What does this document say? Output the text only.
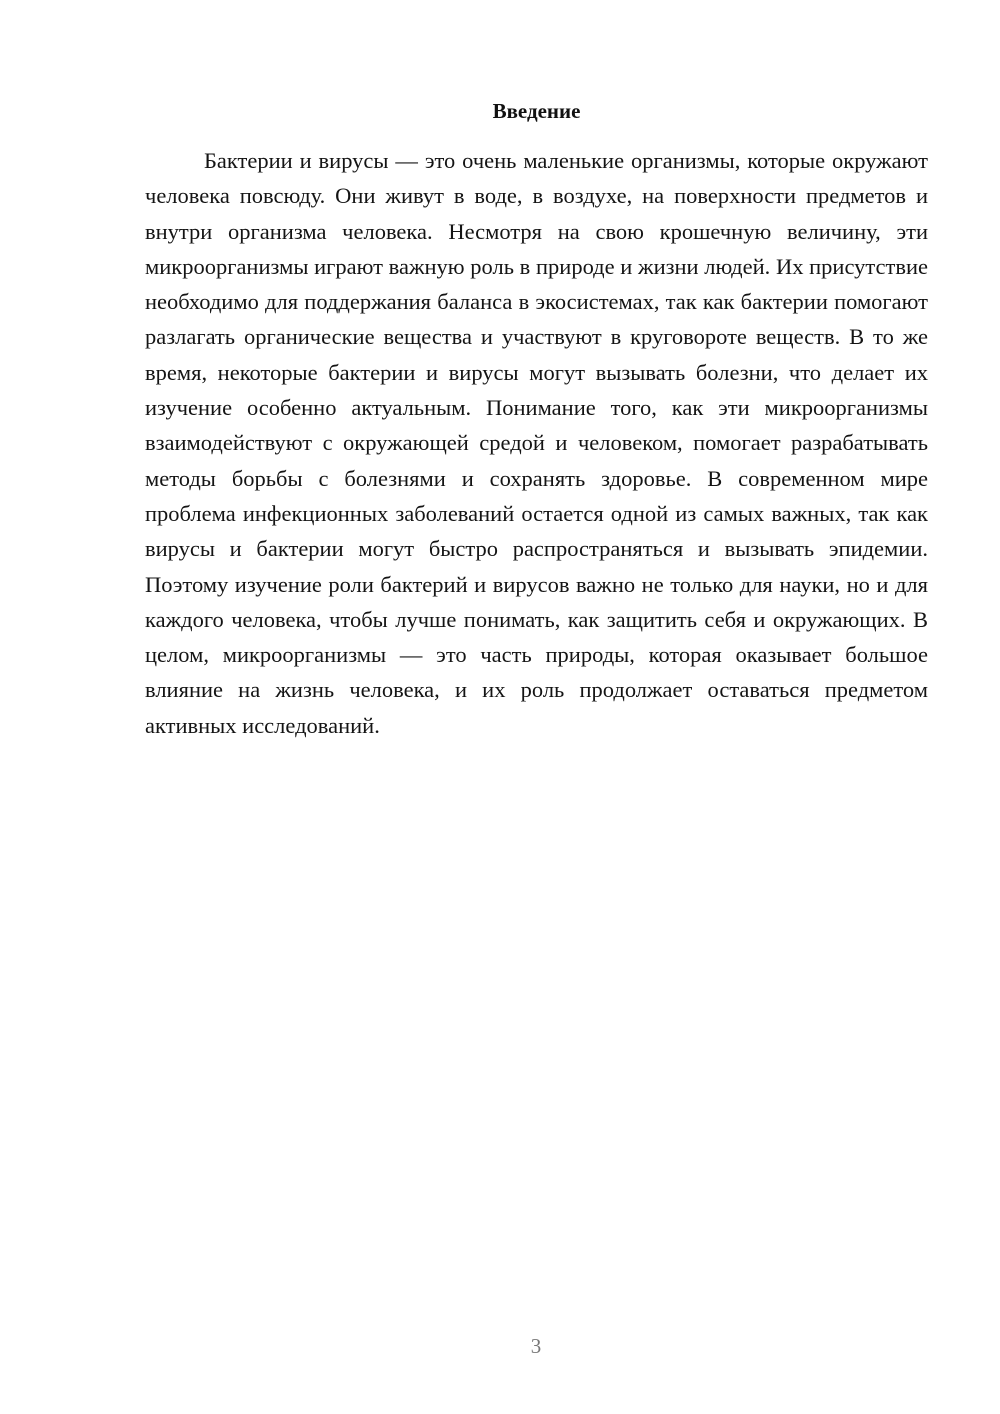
Введение

Бактерии и вирусы — это очень маленькие организмы, которые окружают человека повсюду. Они живут в воде, в воздухе, на поверхности предметов и внутри организма человека. Несмотря на свою крошечную величину, эти микроорганизмы играют важную роль в природе и жизни людей. Их присутствие необходимо для поддержания баланса в экосистемах, так как бактерии помогают разлагать органические вещества и участвуют в круговороте веществ. В то же время, некоторые бактерии и вирусы могут вызывать болезни, что делает их изучение особенно актуальным. Понимание того, как эти микроорганизмы взаимодействуют с окружающей средой и человеком, помогает разрабатывать методы борьбы с болезнями и сохранять здоровье. В современном мире проблема инфекционных заболеваний остается одной из самых важных, так как вирусы и бактерии могут быстро распространяться и вызывать эпидемии. Поэтому изучение роли бактерий и вирусов важно не только для науки, но и для каждого человека, чтобы лучше понимать, как защитить себя и окружающих. В целом, микроорганизмы — это часть природы, которая оказывает большое влияние на жизнь человека, и их роль продолжает оставаться предметом активных исследований.

3
